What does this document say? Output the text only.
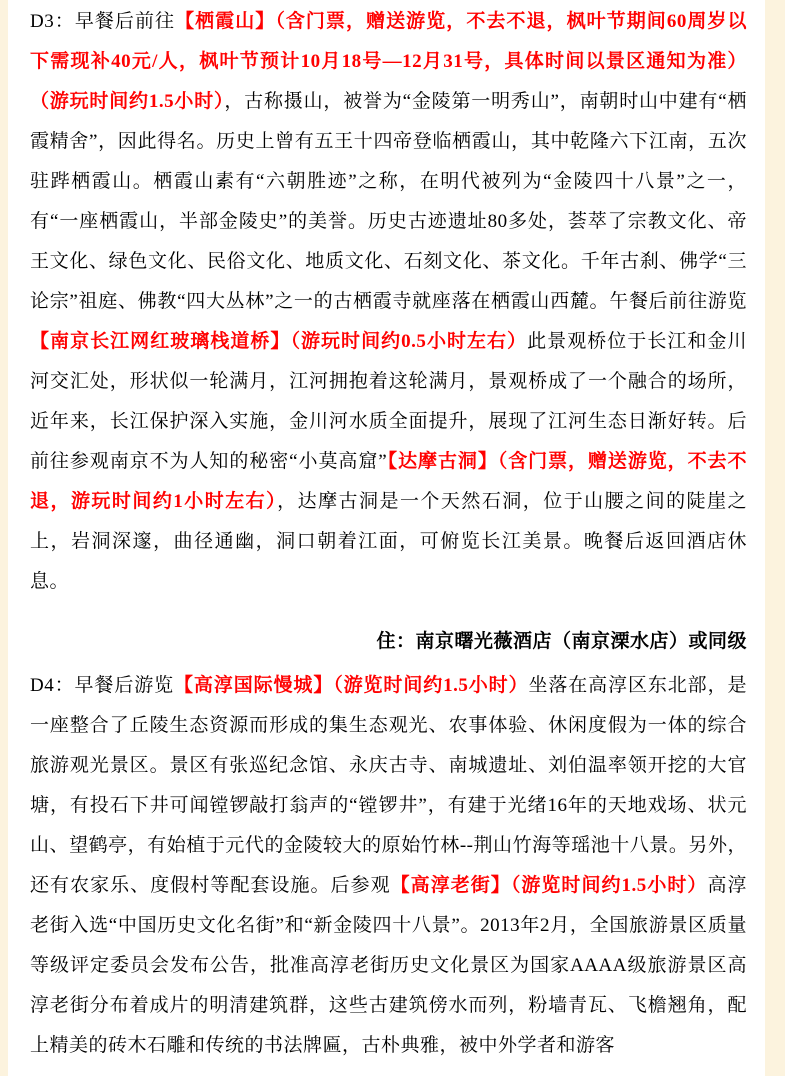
D3：早餐后前往【栖霞山】（含门票，赠送游览，不去不退，枫叶节期间60周岁以下需现补40元/人，枫叶节预计10月18号—12月31号，具体时间以景区通知为准）（游玩时间约1.5小时），古称摄山，被誉为“金陵第一明秀山”，南朝时山中建有“栖霞精舍”，因此得名。历史上曾有五王十四帝登临栖霞山，其中乾隆六下江南，五次驻跸栖霞山。栖霞山素有“六朝胜迹”之称，在明代被列为“金陵四十八景”之一，有“一座栖霞山，半部金陵史”的美誉。历史古迹遗址80多处，荟萃了宗教文化、帝王文化、绿色文化、民俗文化、地质文化、石刻文化、茶文化。千年古刹、佛学“三论宗”祖庭、佛教“四大丛林”之一的古栖霞寺就座落在栖霞山西麓。午餐后前往游览【南京长江网红玻璃栈道桥】（游玩时间约0.5小时左右）此景观桥位于长江和金川河交汇处，形状似一轮满月，江河拥抱着这轮满月，景观桥成了一个融合的场所，近年来，长江保护深入实施，金川河水质全面提升，展现了江河生态日渐好转。后前往参观南京不为人知的秘密“小莫高窟”【达摩古洞】（含门票，赠送游览，不去不退，游玩时间约1小时左右），达摩古洞是一个天然石洞，位于山腰之间的陡崖之上，岩洞深邃，曲径通幽，洞口朝着江面，可俯览长江美景。晚餐后返回酒店休息。

住：南京曙光薇酒店（南京溧水店）或同级

D4：早餐后游览【高淳国际慢城】（游览时间约1.5小时）坐落在高淳区东北部，是一座整合了丘陵生态资源而形成的集生态观光、农事体验、休闲度假为一体的综合旅游观光景区。景区有张巡纪念馆、永庆古寺、南城遗址、刘伯温率领开挖的大官塘，有投石下井可闻镗锣敲打翁声的“镗锣井”，有建于光绪16年的天地戏场、状元山、望鹤亭，有始植于元代的金陵较大的原始竹林--荆山竹海等瑶池十八景。另外，还有农家乐、度假村等配套设施。后参观【高淳老街】（游览时间约1.5小时）高淳老街入选“中国历史文化名街”和“新金陵四十八景”。2013年2月，全国旅游景区质量等级评定委员会发布公告，批准高淳老街历史文化景区为国家AAAA级旅游景区高淳老街分布着成片的明清建筑群，这些古建筑傍水而列，粉墙青瓦、飞檐翘角，配上精美的砖木石雕和传统的书法牌匾，古朴典雅，被中外学者和游客
